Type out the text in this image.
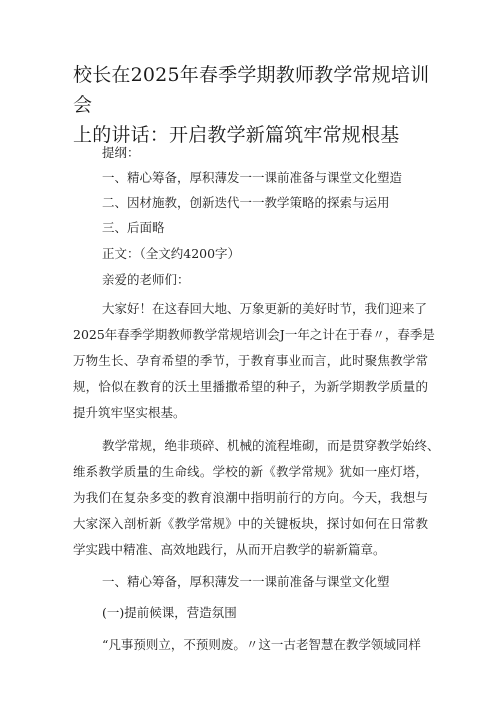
校长在2025年春季学期教师教学常规培训会
上的讲话：开启教学新篇筑牢常规根基
提纲：
一、精心筹备，厚积薄发一一课前准备与课堂文化塑造
二、因材施教，创新迭代一一教学策略的探索与运用
三、后面略
正文：（全文约4200字）
亲爱的老师们：
大家好！在这春回大地、万象更新的美好时节，我们迎来了
2025年春季学期教师教学常规培训会J一年之计在于春〃，春季是
万物生长、孕育希望的季节，于教育事业而言，此时聚焦教学常
规，恰似在教育的沃土里播撒希望的种子，为新学期教学质量的
提升筑牢坚实根基。
教学常规，绝非琐碎、机械的流程堆砌，而是贯穿教学始终、
维系教学质量的生命线。学校的新《教学常规》犹如一座灯塔，
为我们在复杂多变的教育浪潮中指明前行的方向。今天，我想与
大家深入剖析新《教学常规》中的关键板块，探讨如何在日常教
学实践中精准、高效地践行，从而开启教学的崭新篇章。
一、精心筹备，厚积薄发一一课前准备与课堂文化塑
(一)提前候课，营造氛围
“凡事预则立，不预则废。〃这一古老智慧在教学领域同样
